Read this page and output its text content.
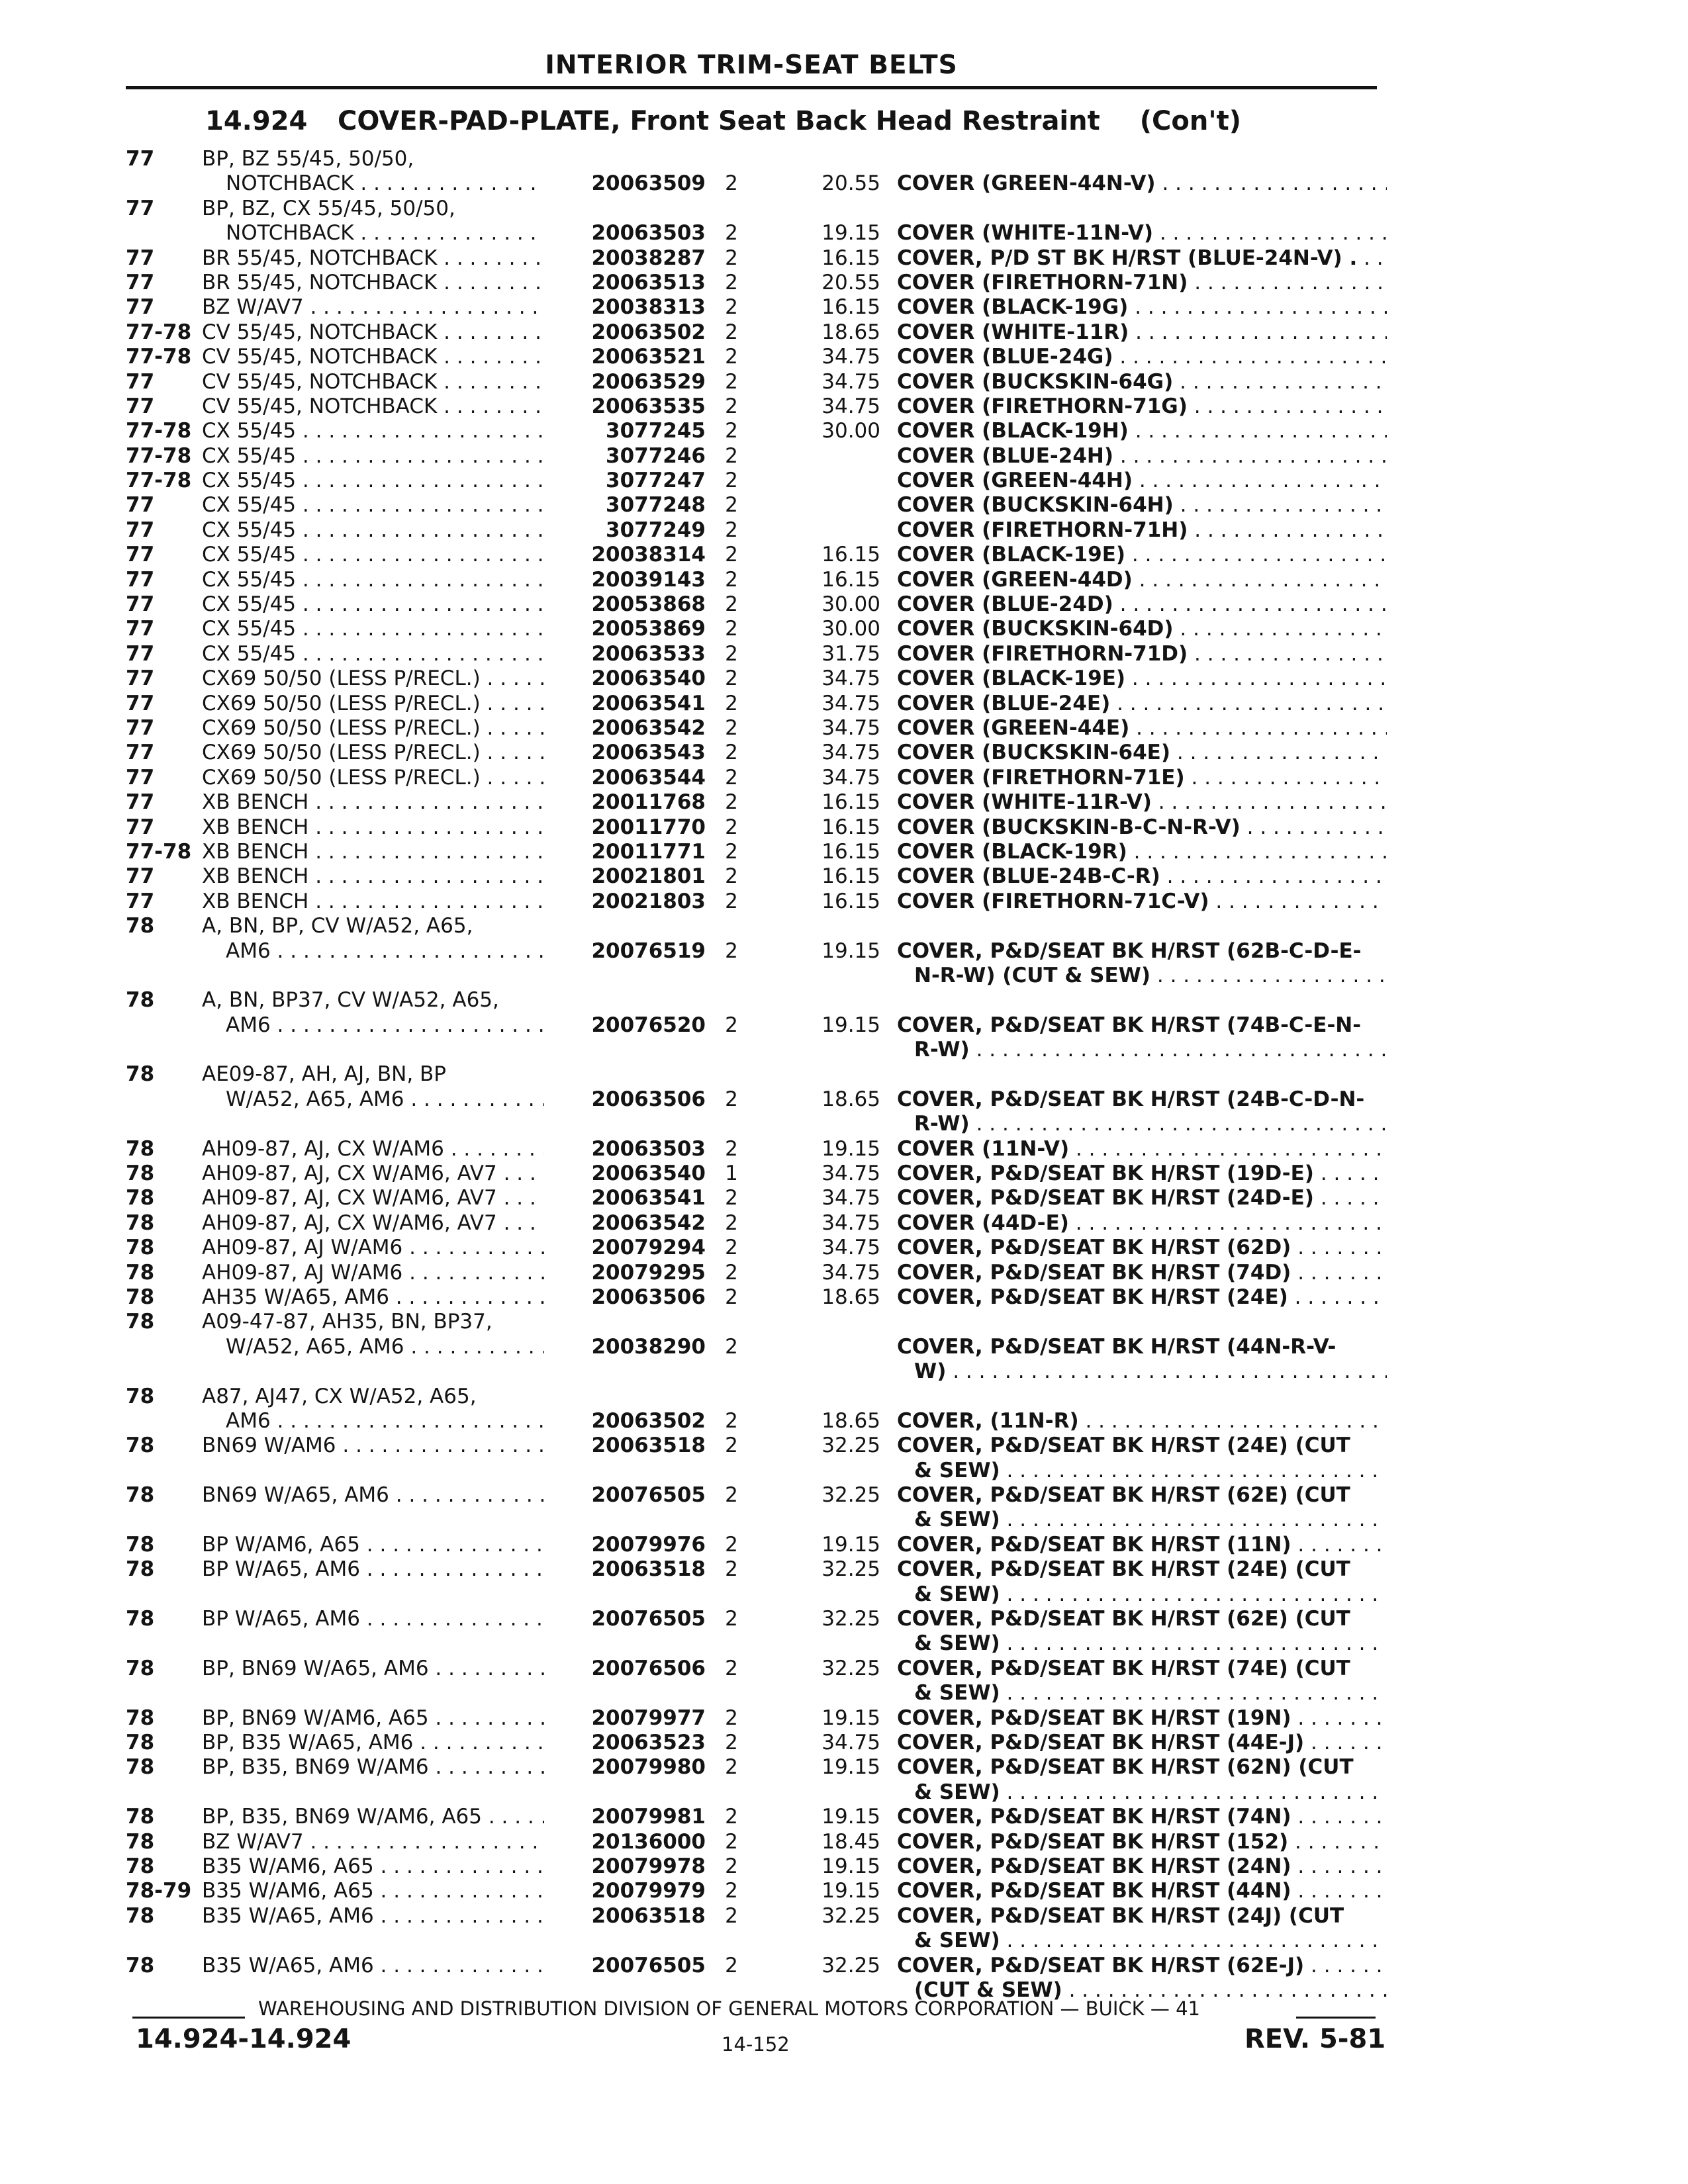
INTERIOR TRIM-SEAT BELTS
14.924 COVER-PAD-PLATE, Front Seat Back Head Restraint (Con't)
77 BP, BZ 55/45, 50/50,
NOTCHBACK . . .	20063509 2	20.55 COVER (GREEN-44N-V) . . .
77 BP, BZ, CX 55/45, 50/50,
NOTCHBACK . . .	20063503 2	19.15 COVER (WHITE-11N-V) . . .
77 BR 55/45, NOTCHBACK . . .	20038287 2	16.15 COVER, P/D ST BK H/RST (BLUE-24N-V) . . . .
77 BR 55/45, NOTCHBACK . . .	20063513 2	20.55 COVER (FIRETHORN-71N) . . .
77 BZ W/AV7 . . .	20038313 2	16.15 COVER (BLACK-19G) . . .
77-78 CV 55/45, NOTCHBACK . . .	20063502 2	18.65 COVER (WHITE-11R) . . .
77-78 CV 55/45, NOTCHBACK . . .	20063521 2	34.75 COVER (BLUE-24G) . . .
77 CV 55/45, NOTCHBACK . . .	20063529 2	34.75 COVER (BUCKSKIN-64G) . . .
77 CV 55/45, NOTCHBACK . . .	20063535 2	34.75 COVER (FIRETHORN-71G) . . .
77-78 CX 55/45 . . .	3077245 2	30.00 COVER (BLACK-19H) . . .
77-78 CX 55/45 . . .	3077246 2	COVER (BLUE-24H) . . .
77-78 CX 55/45 . . .	3077247 2	COVER (GREEN-44H) . . .
77 CX 55/45 . . .	3077248 2	COVER (BUCKSKIN-64H) . . .
77 CX 55/45 . . .	3077249 2	COVER (FIRETHORN-71H) . . .
77 CX 55/45 . . .	20038314 2	16.15 COVER (BLACK-19E) . . .
77 CX 55/45 . . .	20039143 2	16.15 COVER (GREEN-44D) . . .
77 CX 55/45 . . .	20053868 2	30.00 COVER (BLUE-24D) . . .
77 CX 55/45 . . .	20053869 2	30.00 COVER (BUCKSKIN-64D) . . .
77 CX 55/45 . . .	20063533 2	31.75 COVER (FIRETHORN-71D) . . .
77 CX69 50/50 (LESS P/RECL.) . . .	20063540 2	34.75 COVER (BLACK-19E) . . .
77 CX69 50/50 (LESS P/RECL.) . . .	20063541 2	34.75 COVER (BLUE-24E) . . .
77 CX69 50/50 (LESS P/RECL.) . . .	20063542 2	34.75 COVER (GREEN-44E) . . .
77 CX69 50/50 (LESS P/RECL.) . . .	20063543 2	34.75 COVER (BUCKSKIN-64E) . . .
77 CX69 50/50 (LESS P/RECL.) . . .	20063544 2	34.75 COVER (FIRETHORN-71E) . . .
77 XB BENCH . . .	20011768 2	16.15 COVER (WHITE-11R-V) . . .
77 XB BENCH . . .	20011770 2	16.15 COVER (BUCKSKIN-B-C-N-R-V) . . .
77-78 XB BENCH . . .	20011771 2	16.15 COVER (BLACK-19R) . . .
77 XB BENCH . . .	20021801 2	16.15 COVER (BLUE-24B-C-R) . . .
77 XB BENCH . . .	20021803 2	16.15 COVER (FIRETHORN-71C-V) . . .
78 A, BN, BP, CV W/A52, A65,
AM6 . . .	20076519 2	19.15 COVER, P&D/SEAT BK H/RST (62B-C-D-E-
N-R-W) (CUT & SEW) . . .
78 A, BN, BP37, CV W/A52, A65,
AM6 . . .	20076520 2	19.15 COVER, P&D/SEAT BK H/RST (74B-C-E-N-
R-W) . . .
78 AE09-87, AH, AJ, BN, BP
W/A52, A65, AM6 . . .	20063506 2	18.65 COVER, P&D/SEAT BK H/RST (24B-C-D-N-
R-W) . . .
78 AH09-87, AJ, CX W/AM6 . . .	20063503 2	19.15 COVER (11N-V) . . .
78 AH09-87, AJ, CX W/AM6, AV7 . . .	20063540 1	34.75 COVER, P&D/SEAT BK H/RST (19D-E) . . .
78 AH09-87, AJ, CX W/AM6, AV7 . . .	20063541 2	34.75 COVER, P&D/SEAT BK H/RST (24D-E) . . .
78 AH09-87, AJ, CX W/AM6, AV7 . . .	20063542 2	34.75 COVER (44D-E) . . .
78 AH09-87, AJ W/AM6 . . .	20079294 2	34.75 COVER, P&D/SEAT BK H/RST (62D) . . .
78 AH09-87, AJ W/AM6 . . .	20079295 2	34.75 COVER, P&D/SEAT BK H/RST (74D) . . .
78 AH35 W/A65, AM6 . . .	20063506 2	18.65 COVER, P&D/SEAT BK H/RST (24E) . . .
78 A09-47-87, AH35, BN, BP37,
W/A52, A65, AM6 . . .	20038290 2	COVER, P&D/SEAT BK H/RST (44N-R-V-
W) . . .
78 A87, AJ47, CX W/A52, A65,
AM6 . . .	20063502 2	18.65 COVER, (11N-R) . . .
78 BN69 W/AM6 . . .	20063518 2	32.25 COVER, P&D/SEAT BK H/RST (24E) (CUT
& SEW) . . .
78 BN69 W/A65, AM6 . . .	20076505 2	32.25 COVER, P&D/SEAT BK H/RST (62E) (CUT
& SEW) . . .
78 BP W/AM6, A65 . . .	20079976 2	19.15 COVER, P&D/SEAT BK H/RST (11N) . . .
78 BP W/A65, AM6 . . .	20063518 2	32.25 COVER, P&D/SEAT BK H/RST (24E) (CUT
& SEW) . . .
78 BP W/A65, AM6 . . .	20076505 2	32.25 COVER, P&D/SEAT BK H/RST (62E) (CUT
& SEW) . . .
78 BP, BN69 W/A65, AM6 . . .	20076506 2	32.25 COVER, P&D/SEAT BK H/RST (74E) (CUT
& SEW) . . .
78 BP, BN69 W/AM6, A65 . . .	20079977 2	19.15 COVER, P&D/SEAT BK H/RST (19N) . . .
78 BP, B35 W/A65, AM6 . . .	20063523 2	34.75 COVER, P&D/SEAT BK H/RST (44E-J) . . .
78 BP, B35, BN69 W/AM6 . . .	20079980 2	19.15 COVER, P&D/SEAT BK H/RST (62N) (CUT
& SEW) . . .
78 BP, B35, BN69 W/AM6, A65 . . .	20079981 2	19.15 COVER, P&D/SEAT BK H/RST (74N) . . .
78 BZ W/AV7 . . .	20136000 2	18.45 COVER, P&D/SEAT BK H/RST (152) . . .
78 B35 W/AM6, A65 . . .	20079978 2	19.15 COVER, P&D/SEAT BK H/RST (24N) . . .
78-79 B35 W/AM6, A65 . . .	20079979 2	19.15 COVER, P&D/SEAT BK H/RST (44N) . . .
78 B35 W/A65, AM6 . . .	20063518 2	32.25 COVER, P&D/SEAT BK H/RST (24J) (CUT
& SEW) . . .
78 B35 W/A65, AM6 . . .	20076505 2	32.25 COVER, P&D/SEAT BK H/RST (62E-J) . . .
(CUT & SEW) . . .
WAREHOUSING AND DISTRIBUTION DIVISION OF GENERAL MOTORS CORPORATION — BUICK — 41
14.924-14.924	14-152	REV. 5-81
